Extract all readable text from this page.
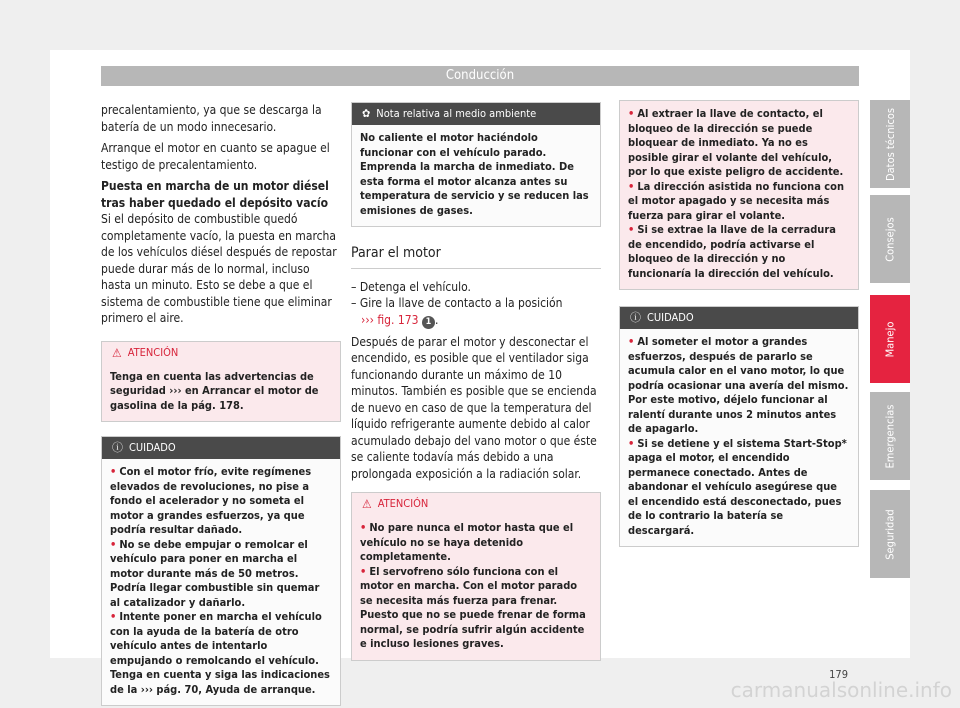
Conducción

precalentamiento, ya que se descarga la batería de un modo innecesario.

Arranque el motor en cuanto se apague el testigo de precalentamiento.

Puesta en marcha de un motor diésel tras haber quedado el depósito vacío

Si el depósito de combustible quedó completamente vacío, la puesta en marcha de los vehículos diésel después de repostar puede durar más de lo normal, incluso hasta un minuto. Esto se debe a que el sistema de combustible tiene que eliminar primero el aire.

⚠ ATENCIÓN
Tenga en cuenta las advertencias de seguridad ››› en Arrancar el motor de gasolina de la pág. 178.
ⓘ CUIDADO
• Con el motor frío, evite regímenes elevados de revoluciones, no pise a fondo el acelerador y no someta el motor a grandes esfuerzos, ya que podría resultar dañado.
• No se debe empujar o remolcar el vehículo para poner en marcha el motor durante más de 50 metros. Podría llegar combustible sin quemar al catalizador y dañarlo.
• Intente poner en marcha el vehículo con la ayuda de la batería de otro vehículo antes de intentarlo empujando o remolcando el vehículo. Tenga en cuenta y siga las indicaciones de la ››› pág. 70, Ayuda de arranque.
✿ Nota relativa al medio ambiente
No caliente el motor haciéndolo funcionar con el vehículo parado. Emprenda la marcha de inmediato. De esta forma el motor alcanza antes su temperatura de servicio y se reducen las emisiones de gases.
Parar el motor

– Detenga el vehículo.

– Gire la llave de contacto a la posición
››› fig. 173 1 .

Después de parar el motor y desconectar el encendido, es posible que el ventilador siga funcionando durante un máximo de 10 minutos. También es posible que se encienda de nuevo en caso de que la temperatura del líquido refrigerante aumente debido al calor acumulado debajo del vano motor o que éste se caliente todavía más debido a una prolongada exposición a la radiación solar.

⚠ ATENCIÓN
• No pare nunca el motor hasta que el vehículo no se haya detenido completamente.
• El servofreno sólo funciona con el motor en marcha. Con el motor parado se necesita más fuerza para frenar. Puesto que no se puede frenar de forma normal, se podría sufrir algún accidente e incluso lesiones graves.
• Al extraer la llave de contacto, el bloqueo de la dirección se puede bloquear de inmediato. Ya no es posible girar el volante del vehículo, por lo que existe peligro de accidente.
• La dirección asistida no funciona con el motor apagado y se necesita más fuerza para girar el volante.
• Si se extrae la llave de la cerradura de encendido, podría activarse el bloqueo de la dirección y no funcionaría la dirección del vehículo.
ⓘ CUIDADO
• Al someter el motor a grandes esfuerzos, después de pararlo se acumula calor en el vano motor, lo que podría ocasionar una avería del mismo. Por este motivo, déjelo funcionar al ralentí durante unos 2 minutos antes de apagarlo.
• Si se detiene y el sistema Start-Stop* apaga el motor, el encendido permanece conectado. Antes de abandonar el vehículo asegúrese que el encendido está desconectado, pues de lo contrario la batería se descargará.
179
Datos técnicos
Consejos
Manejo
Emergencias
Seguridad
carmanualsonline.info
